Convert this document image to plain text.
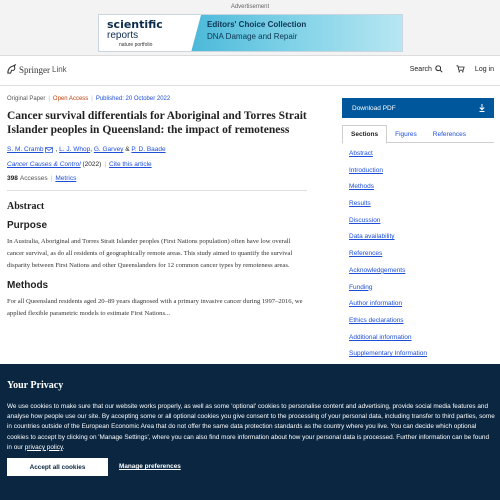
Advertisement
scientific
reports
nature portfolio
Editors' Choice Collection
DNA Damage and Repair
Springer Link	Search	Log in
Original Paper | Open Access | Published: 20 October 2022
Cancer survival differentials for Aboriginal and Torres Strait Islander peoples in Queensland: the impact of remoteness
S. M. Cramb ,
L. J. Whop ,
G. Garvey
&
P. D. Baade
Cancer Causes & Control
(2022) | Cite this article
398 Accesses | Metrics
Abstract
Purpose

In Australia, Aboriginal and Torres Strait Islander peoples (First Nations population) often have low overall cancer survival, as do all residents of geographically remote areas. This study aimed to quantify the survival disparity between First Nations and other Queenslanders for 12 common cancer types by remoteness areas.

Methods

For all Queensland residents aged 20–89 years diagnosed with a primary invasive cancer during 1997–2016, we applied flexible parametric models to estimate First Nations...

Download PDF
Sections	Figures	References
Abstract
Introduction
Methods
Results
Discussion
Data availability
References
Acknowledgements
Funding
Author information
Ethics declarations
Additional information
Supplementary Information
Your Privacy

We use cookies to make sure that our website works properly, as well as some 'optional' cookies to personalise content and advertising, provide social media features and analyse how people use our site. By accepting some or all optional cookies you give consent to the processing of your personal data, including transfer to third parties, some in countries outside of the European Economic Area that do not offer the same data protection standards as the country where you live. You can decide which optional cookies to accept by clicking on 'Manage Settings', where you can also find more information about how your personal data is processed. Further information can be found in our privacy policy.

Accept all cookies	Manage preferences
